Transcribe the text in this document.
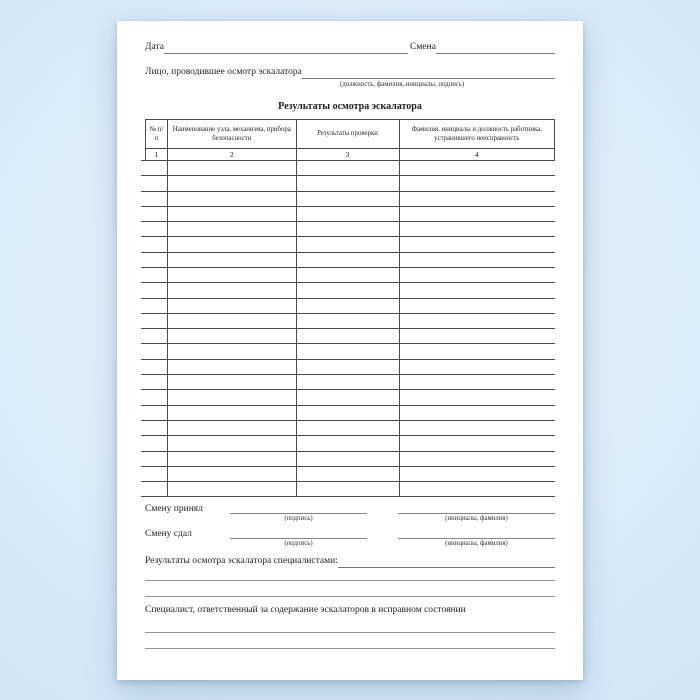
Дата	Смена
Лицо, проводившее осмотр эскалатора
(должность, фамилия, инициалы, подпись)
Результаты осмотра эскалатора
№ п/п	Наименование узла, механизма, прибора безопасности	Результаты проверки	Фамилия, инициалы и должность работника, устранившего неисправность
1	2	3	4

Смену принял
(подпись)	(инициалы, фамилия)
Смену сдал
(подпись)	(инициалы, фамилия)
Результаты осмотра эскалатора специалистами:
Специалист, ответственный за содержание эскалаторов в исправном состоянии
